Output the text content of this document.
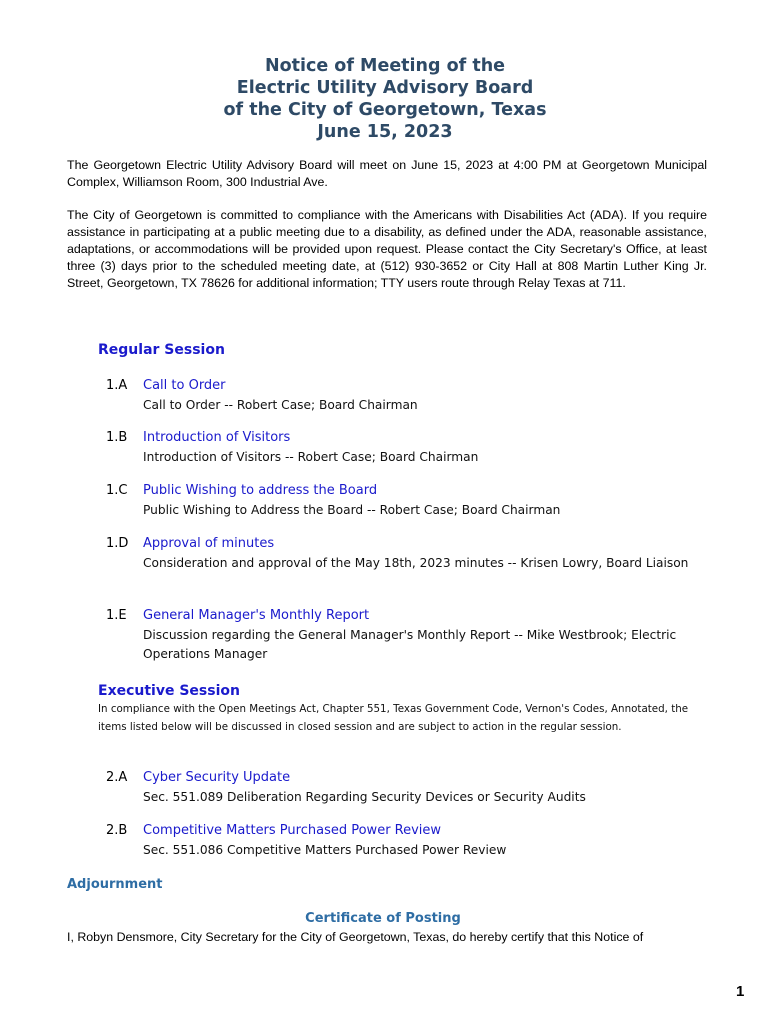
Notice of Meeting of the
Electric Utility Advisory Board
of the City of Georgetown, Texas
June 15, 2023

The Georgetown Electric Utility Advisory Board will meet on June 15, 2023 at 4:00 PM at Georgetown Municipal Complex, Williamson Room, 300 Industrial Ave.

The City of Georgetown is committed to compliance with the Americans with Disabilities Act (ADA). If you require assistance in participating at a public meeting due to a disability, as defined under the ADA, reasonable assistance, adaptations, or accommodations will be provided upon request. Please contact the City Secretary's Office, at least three (3) days prior to the scheduled meeting date, at (512) 930-3652 or City Hall at 808 Martin Luther King Jr. Street, Georgetown, TX 78626 for additional information; TTY users route through Relay Texas at 711.

Regular Session
1.A Call to Order
Call to Order -- Robert Case; Board Chairman
1.B Introduction of Visitors
Introduction of Visitors -- Robert Case; Board Chairman
1.C Public Wishing to address the Board
Public Wishing to Address the Board -- Robert Case; Board Chairman
1.D Approval of minutes
Consideration and approval of the May 18th, 2023 minutes -- Krisen Lowry, Board Liaison
1.E General Manager's Monthly Report
Discussion regarding the General Manager's Monthly Report -- Mike Westbrook; Electric Operations Manager
Executive Session

In compliance with the Open Meetings Act, Chapter 551, Texas Government Code, Vernon's Codes, Annotated, the items listed below will be discussed in closed session and are subject to action in the regular session.

2.A Cyber Security Update
Sec. 551.089 Deliberation Regarding Security Devices or Security Audits
2.B Competitive Matters Purchased Power Review
Sec. 551.086 Competitive Matters Purchased Power Review
Adjournment
Certificate of Posting

I, Robyn Densmore, City Secretary for the City of Georgetown, Texas, do hereby certify that this Notice of

1
